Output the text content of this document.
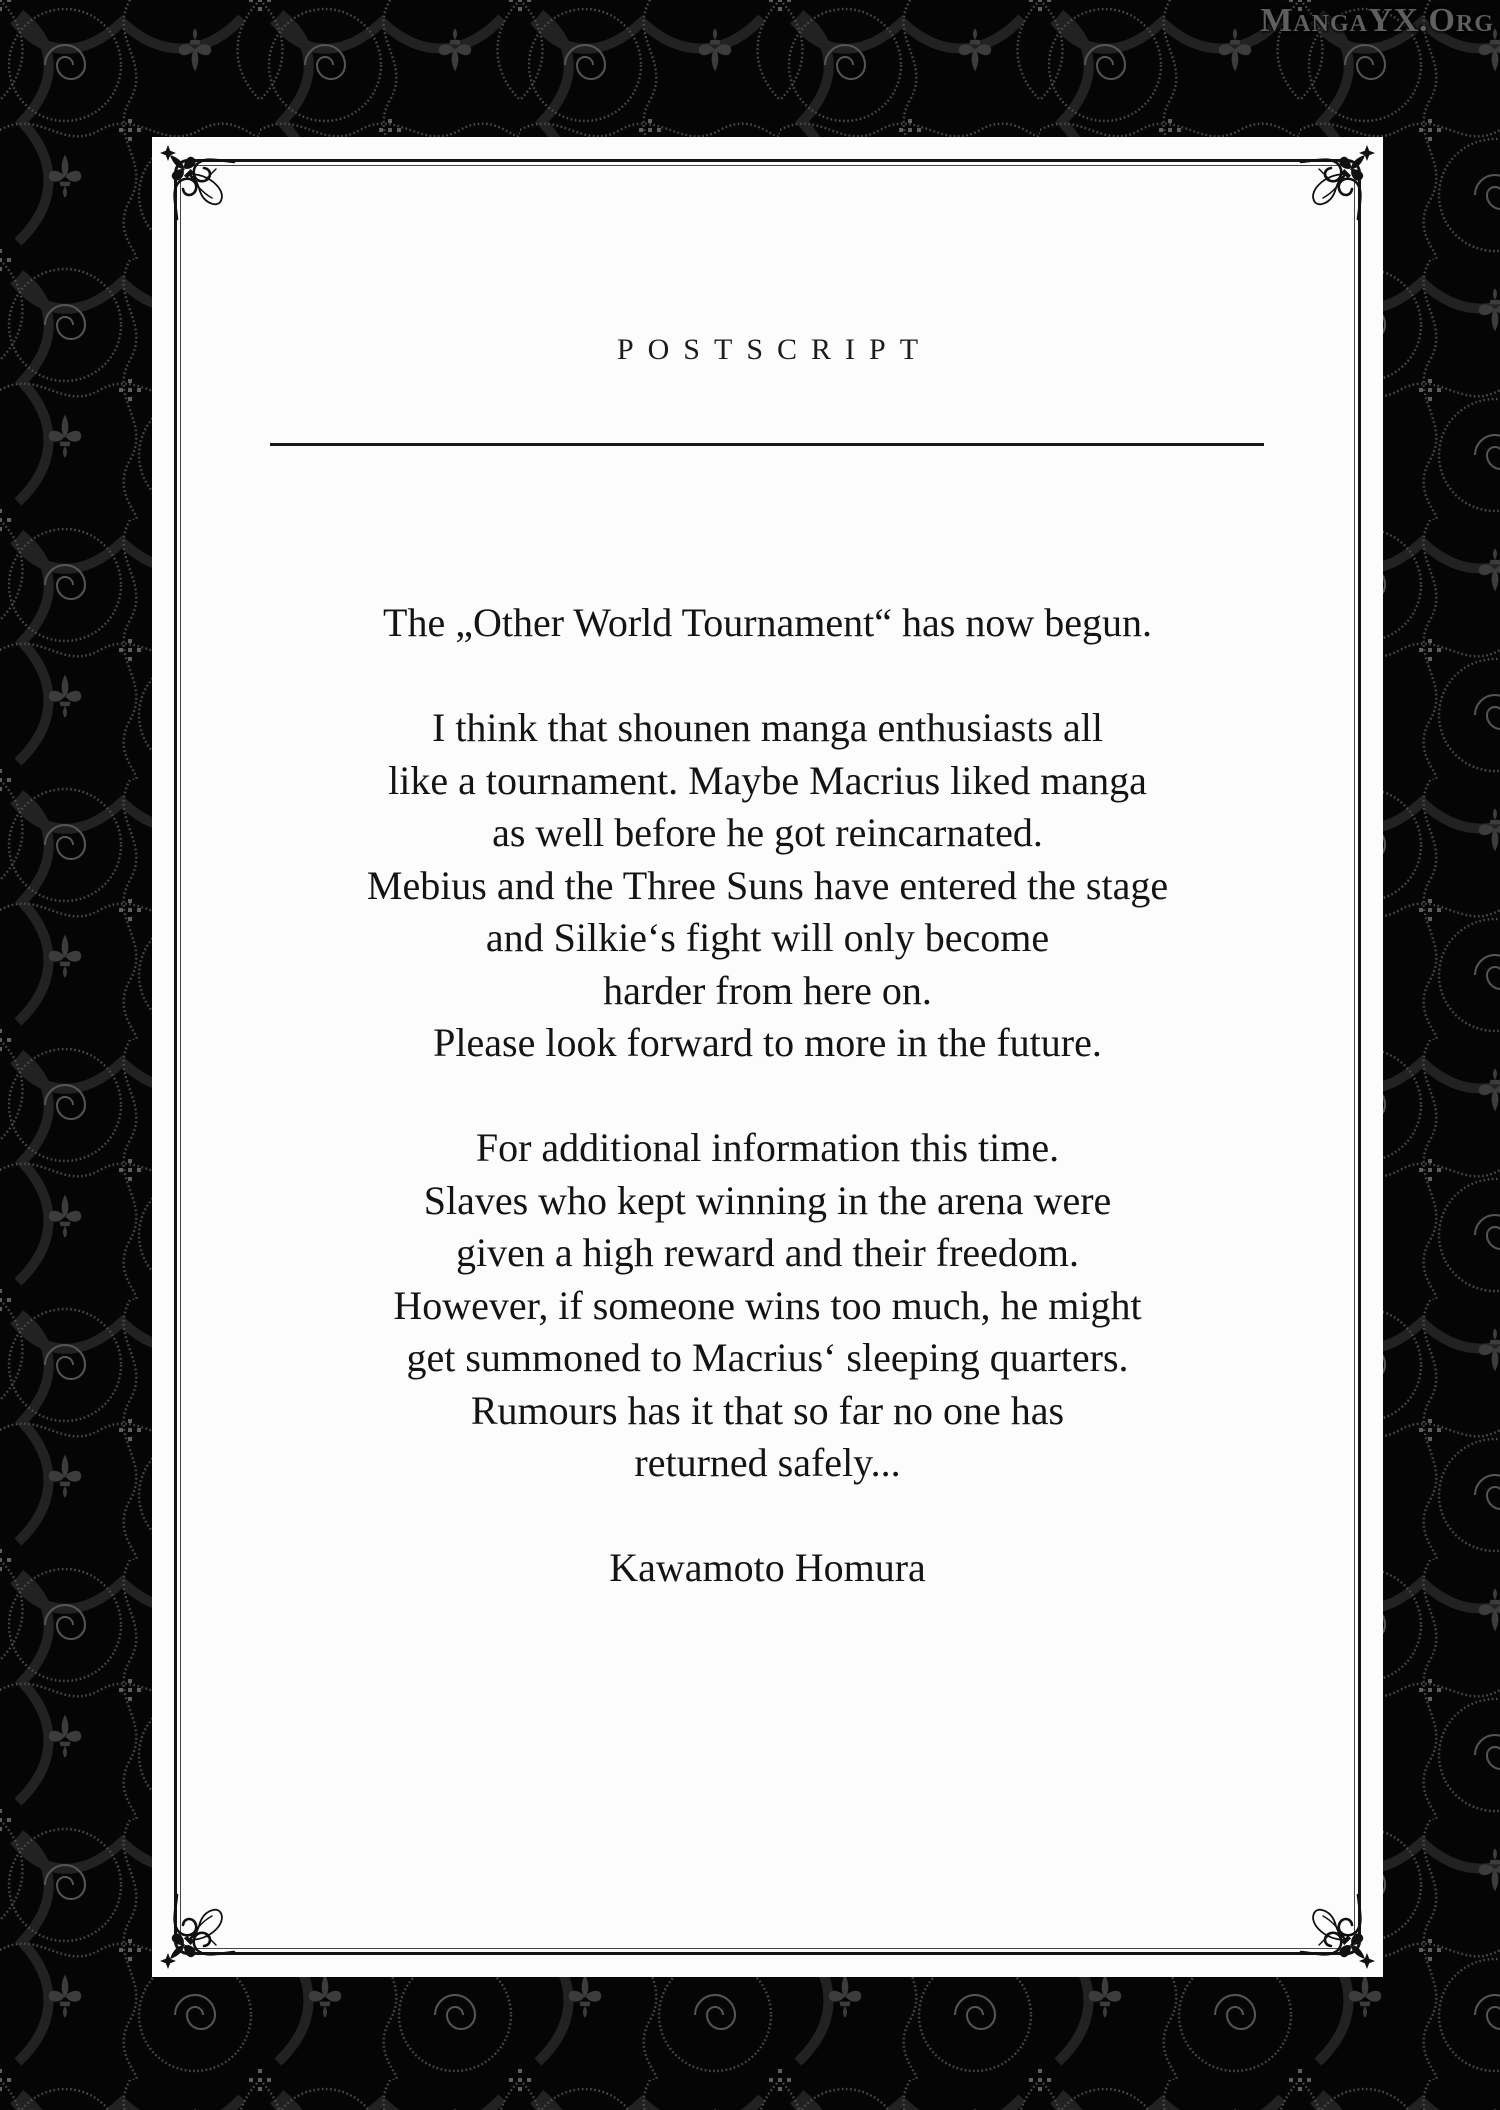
MangaYX.Org
POSTSCRIPT

The „Other World Tournament“ has now begun.

I think that shounen manga enthusiasts all
like a tournament. Maybe Macrius liked manga
as well before he got reincarnated.
Mebius and the Three Suns have entered the stage
and Silkie‘s fight will only become
harder from here on.
Please look forward to more in the future.

For additional information this time.
Slaves who kept winning in the arena were
given a high reward and their freedom.
However, if someone wins too much, he might
get summoned to Macrius‘ sleeping quarters.
Rumours has it that so far no one has
returned safely...

Kawamoto Homura
